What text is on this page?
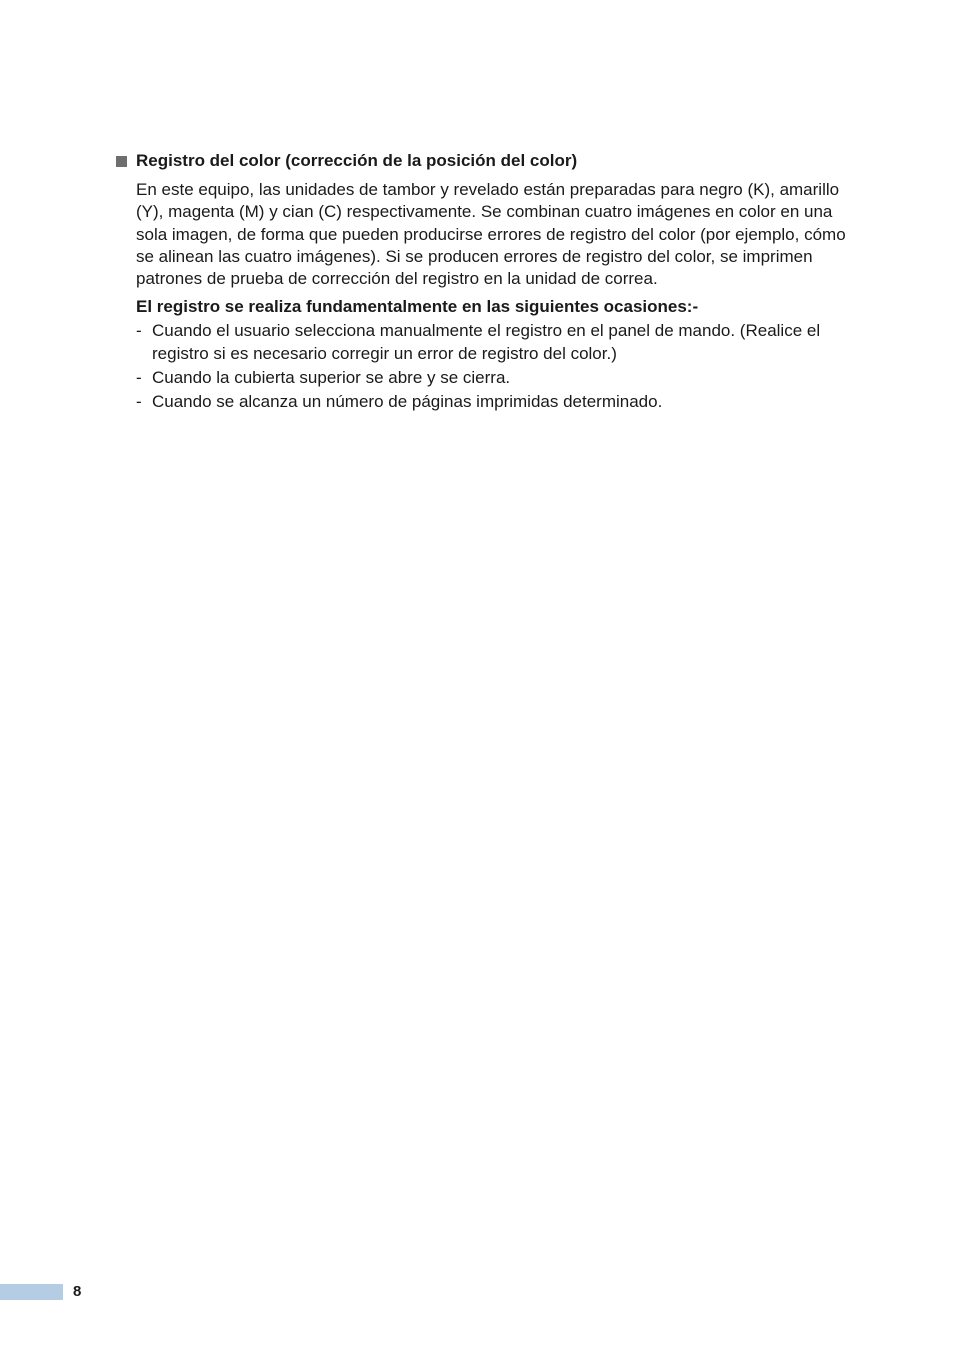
Registro del color (corrección de la posición del color)

En este equipo, las unidades de tambor y revelado están preparadas para negro (K), amarillo (Y), magenta (M) y cian (C) respectivamente. Se combinan cuatro imágenes en color en una sola imagen, de forma que pueden producirse errores de registro del color (por ejemplo, cómo se alinean las cuatro imágenes). Si se producen errores de registro del color, se imprimen patrones de prueba de corrección del registro en la unidad de correa.

El registro se realiza fundamentalmente en las siguientes ocasiones:-
- Cuando el usuario selecciona manualmente el registro en el panel de mando. (Realice el registro si es necesario corregir un error de registro del color.)
- Cuando la cubierta superior se abre y se cierra.
- Cuando se alcanza un número de páginas imprimidas determinado.
8
